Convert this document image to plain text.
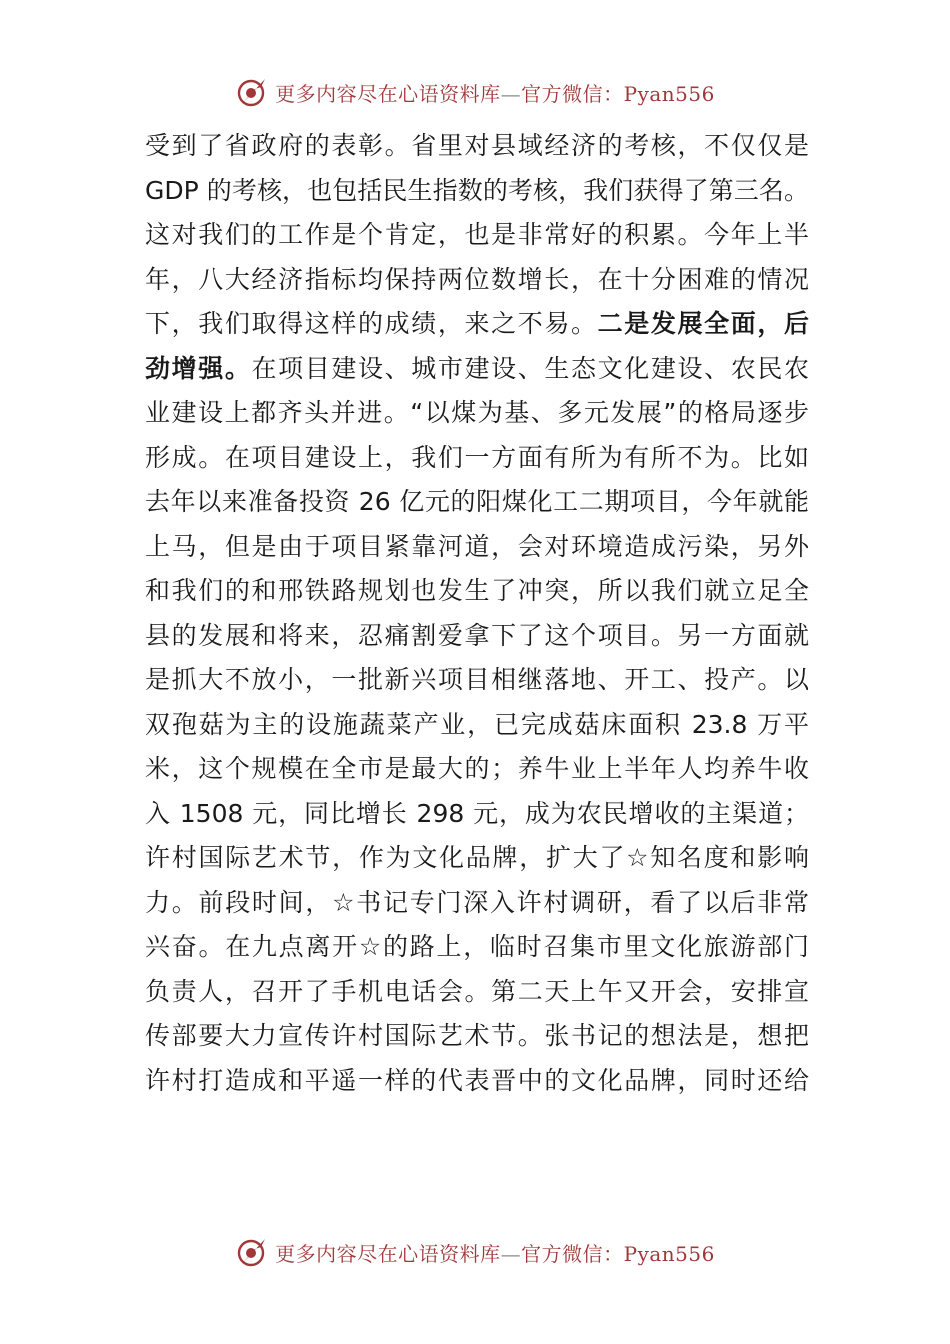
更多内容尽在心语资料库—官方微信：Pyan556
受到了省政府的表彰。省里对县域经济的考核，不仅仅是
GDP 的考核，也包括民生指数的考核，我们获得了第三名。
这对我们的工作是个肯定，也是非常好的积累。今年上半
年，八大经济指标均保持两位数增长，在十分困难的情况
下，我们取得这样的成绩，来之不易。二是发展全面，后
劲增强。在项目建设、城市建设、生态文化建设、农民农
业建设上都齐头并进。“以煤为基、多元发展”的格局逐步
形成。在项目建设上，我们一方面有所为有所不为。比如
去年以来准备投资 26 亿元的阳煤化工二期项目，今年就能
上马，但是由于项目紧靠河道，会对环境造成污染，另外
和我们的和邢铁路规划也发生了冲突，所以我们就立足全
县的发展和将来，忍痛割爱拿下了这个项目。另一方面就
是抓大不放小，一批新兴项目相继落地、开工、投产。以
双孢菇为主的设施蔬菜产业，已完成菇床面积 23.8 万平
米，这个规模在全市是最大的；养牛业上半年人均养牛收
入 1508 元，同比增长 298 元，成为农民增收的主渠道；
许村国际艺术节，作为文化品牌，扩大了☆知名度和影响
力。前段时间，☆书记专门深入许村调研，看了以后非常
兴奋。在九点离开☆的路上，临时召集市里文化旅游部门
负责人，召开了手机电话会。第二天上午又开会，安排宣
传部要大力宣传许村国际艺术节。张书记的想法是，想把
许村打造成和平遥一样的代表晋中的文化品牌，同时还给
更多内容尽在心语资料库—官方微信：Pyan556
